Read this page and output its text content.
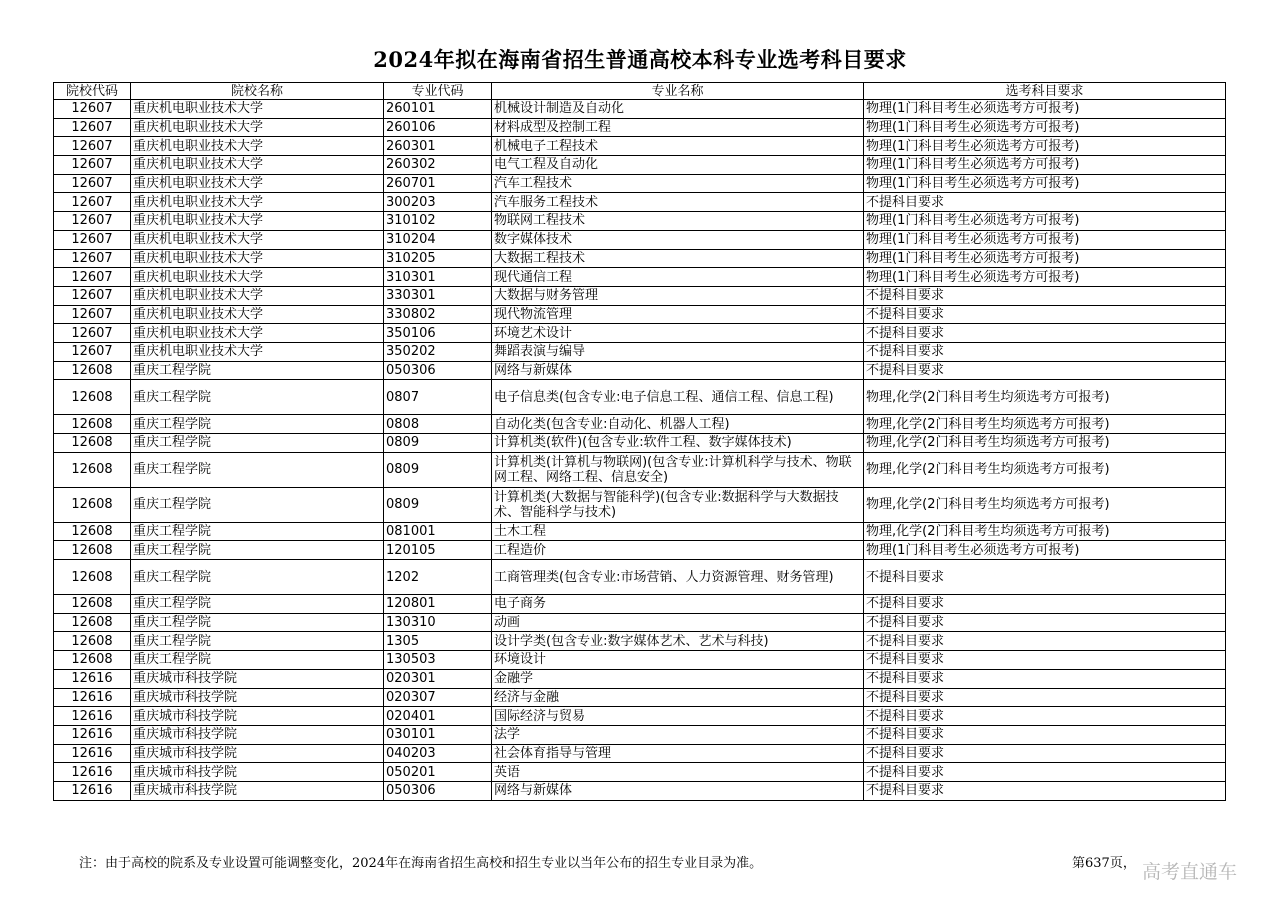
2024年拟在海南省招生普通高校本科专业选考科目要求
院校代码	院校名称	专业代码	专业名称	选考科目要求
12607	重庆机电职业技术大学	260101	机械设计制造及自动化	物理(1门科目考生必须选考方可报考)
12607	重庆机电职业技术大学	260106	材料成型及控制工程	物理(1门科目考生必须选考方可报考)
12607	重庆机电职业技术大学	260301	机械电子工程技术	物理(1门科目考生必须选考方可报考)
12607	重庆机电职业技术大学	260302	电气工程及自动化	物理(1门科目考生必须选考方可报考)
12607	重庆机电职业技术大学	260701	汽车工程技术	物理(1门科目考生必须选考方可报考)
12607	重庆机电职业技术大学	300203	汽车服务工程技术	不提科目要求
12607	重庆机电职业技术大学	310102	物联网工程技术	物理(1门科目考生必须选考方可报考)
12607	重庆机电职业技术大学	310204	数字媒体技术	物理(1门科目考生必须选考方可报考)
12607	重庆机电职业技术大学	310205	大数据工程技术	物理(1门科目考生必须选考方可报考)
12607	重庆机电职业技术大学	310301	现代通信工程	物理(1门科目考生必须选考方可报考)
12607	重庆机电职业技术大学	330301	大数据与财务管理	不提科目要求
12607	重庆机电职业技术大学	330802	现代物流管理	不提科目要求
12607	重庆机电职业技术大学	350106	环境艺术设计	不提科目要求
12607	重庆机电职业技术大学	350202	舞蹈表演与编导	不提科目要求
12608	重庆工程学院	050306	网络与新媒体	不提科目要求
12608	重庆工程学院	0807	电子信息类(包含专业:电子信息工程、通信工程、信息工程)	物理,化学(2门科目考生均须选考方可报考)
12608	重庆工程学院	0808	自动化类(包含专业:自动化、机器人工程)	物理,化学(2门科目考生均须选考方可报考)
12608	重庆工程学院	0809	计算机类(软件)(包含专业:软件工程、数字媒体技术)	物理,化学(2门科目考生均须选考方可报考)
12608	重庆工程学院	0809	计算机类(计算机与物联网)(包含专业:计算机科学与技术、物联网工程、网络工程、信息安全)	物理,化学(2门科目考生均须选考方可报考)
12608	重庆工程学院	0809	计算机类(大数据与智能科学)(包含专业:数据科学与大数据技术、智能科学与技术)	物理,化学(2门科目考生均须选考方可报考)
12608	重庆工程学院	081001	土木工程	物理,化学(2门科目考生均须选考方可报考)
12608	重庆工程学院	120105	工程造价	物理(1门科目考生必须选考方可报考)
12608	重庆工程学院	1202	工商管理类(包含专业:市场营销、人力资源管理、财务管理)	不提科目要求
12608	重庆工程学院	120801	电子商务	不提科目要求
12608	重庆工程学院	130310	动画	不提科目要求
12608	重庆工程学院	1305	设计学类(包含专业:数字媒体艺术、艺术与科技)	不提科目要求
12608	重庆工程学院	130503	环境设计	不提科目要求
12616	重庆城市科技学院	020301	金融学	不提科目要求
12616	重庆城市科技学院	020307	经济与金融	不提科目要求
12616	重庆城市科技学院	020401	国际经济与贸易	不提科目要求
12616	重庆城市科技学院	030101	法学	不提科目要求
12616	重庆城市科技学院	040203	社会体育指导与管理	不提科目要求
12616	重庆城市科技学院	050201	英语	不提科目要求
12616	重庆城市科技学院	050306	网络与新媒体	不提科目要求
注：由于高校的院系及专业设置可能调整变化，2024年在海南省招生高校和招生专业以当年公布的招生专业目录为准。	第637页， 高考直通车
